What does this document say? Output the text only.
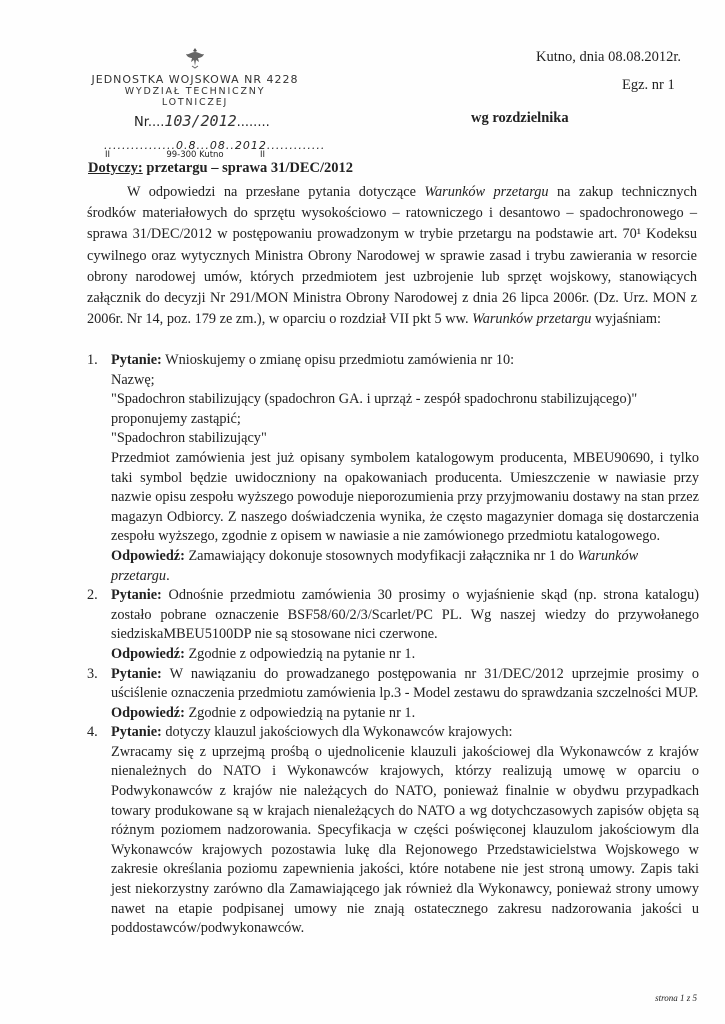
JEDNOSTKA WOJSKOWA NR 4228
WYDZIAŁ TECHNICZNY LOTNICZEJ
Nr....103/2012........
................0.8...08..2012.............
II	99-300 Kutno	II
Kutno, dnia 08.08.2012r.
Egz. nr 1
wg rozdzielnika
Dotyczy: przetargu – sprawa 31/DEC/2012

W odpowiedzi na przesłane pytania dotyczące Warunków przetargu na zakup technicznych środków materiałowych do sprzętu wysokościowo – ratowniczego i desantowo – spadochronowego – sprawa 31/DEC/2012 w postępowaniu prowadzonym w trybie przetargu na podstawie art. 70¹ Kodeksu cywilnego oraz wytycznych Ministra Obrony Narodowej w sprawie zasad i trybu zawierania w resorcie obrony narodowej umów, których przedmiotem jest uzbrojenie lub sprzęt wojskowy, stanowiących załącznik do decyzji Nr 291/MON Ministra Obrony Narodowej z dnia 26 lipca 2006r. (Dz. Urz. MON z 2006r. Nr 14, poz. 179 ze zm.), w oparciu o rozdział VII pkt 5 ww. Warunków przetargu wyjaśniam:

1. Pytanie: Wnioskujemy o zmianę opisu przedmiotu zamówienia nr 10:

Nazwę;
"Spadochron stabilizujący (spadochron GA. i uprząż - zespół spadochronu stabilizującego)"
proponujemy zastąpić;
"Spadochron stabilizujący"
Przedmiot zamówienia jest już opisany symbolem katalogowym producenta, MBEU90690, i tylko taki symbol będzie uwidoczniony na opakowaniach producenta. Umieszczenie w nawiasie przy nazwie opisu zespołu wyższego powoduje nieporozumienia przy przyjmowaniu dostawy na stan przez magazyn Odbiorcy. Z naszego doświadczenia wynika, że często magazynier domaga się dostarczenia zespołu wyższego, zgodnie z opisem w nawiasie a nie zamówionego przedmiotu katalogowego.

Odpowiedź: Zamawiający dokonuje stosownych modyfikacji załącznika nr 1 do Warunków przetargu.

2. Pytanie: Odnośnie przedmiotu zamówienia 30 prosimy o wyjaśnienie skąd (np. strona katalogu) zostało pobrane oznaczenie BSF58/60/2/3/Scarlet/PC PL. Wg naszej wiedzy do przywołanego siedziskaMBEU5100DP nie są stosowane nici czerwone.

Odpowiedź: Zgodnie z odpowiedzią na pytanie nr 1.

3. Pytanie: W nawiązaniu do prowadzanego postępowania nr 31/DEC/2012 uprzejmie prosimy o uściślenie oznaczenia przedmiotu zamówienia lp.3 - Model zestawu do sprawdzania szczelności MUP.

Odpowiedź: Zgodnie z odpowiedzią na pytanie nr 1.

4. Pytanie: dotyczy klauzul jakościowych dla Wykonawców krajowych:

Zwracamy się z uprzejmą prośbą o ujednolicenie klauzuli jakościowej dla Wykonawców z krajów nienależnych do NATO i Wykonawców krajowych, którzy realizują umowę w oparciu o Podwykonawców z krajów nie należących do NATO, ponieważ finalnie w obydwu przypadkach towary produkowane są w krajach nienależących do NATO a wg dotychczasowych zapisów objęta są różnym poziomem nadzorowania. Specyfikacja w części poświęconej klauzulom jakościowym dla Wykonawców krajowych pozostawia lukę dla Rejonowego Przedstawicielstwa Wojskowego w zakresie określania poziomu zapewnienia jakości, które notabene nie jest stroną umowy. Zapis taki jest niekorzystny zarówno dla Zamawiającego jak również dla Wykonawcy, ponieważ strony umowy nawet na etapie podpisanej umowy nie znają ostatecznego zakresu nadzorowania jakości u poddostawców/podwykonawców.

strona 1 z 5
